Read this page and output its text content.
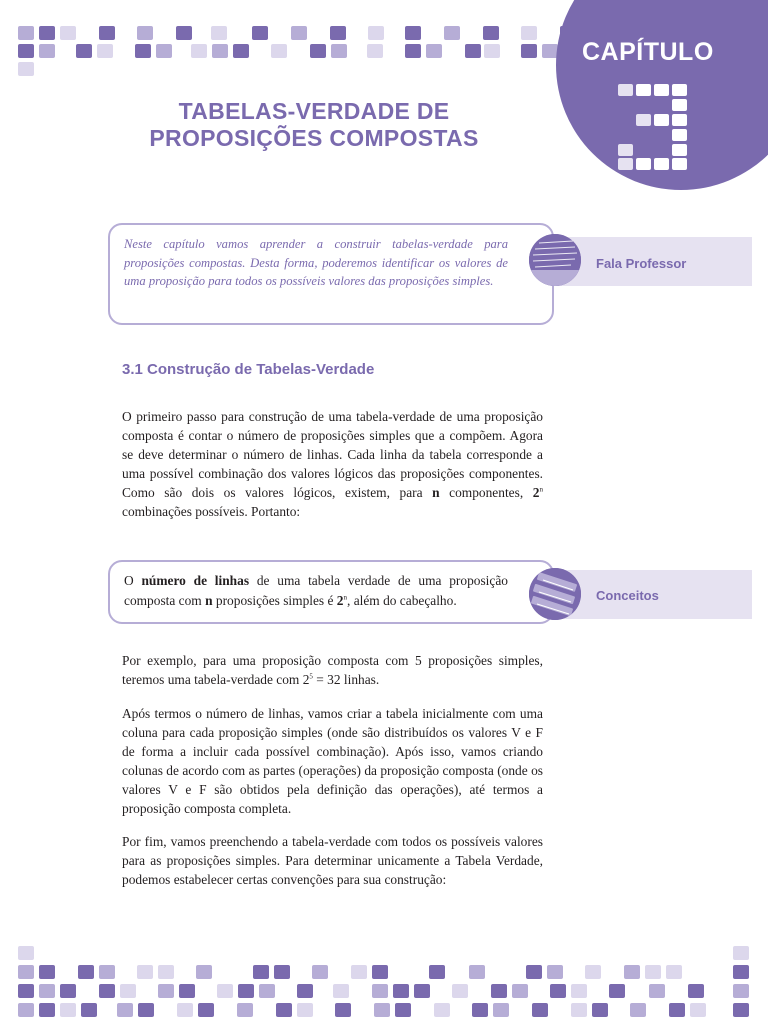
CAPÍTULO
TABELAS-VERDADE DE
PROPOSIÇÕES COMPOSTAS
Fala Professor

Neste capítulo vamos aprender a construir tabelas-verdade para proposições compostas. Desta forma, poderemos identificar os valores de uma proposição para todos os possíveis valores das proposições simples.

3.1 Construção de Tabelas-Verdade

O primeiro passo para construção de uma tabela-verdade de uma proposição composta é contar o número de proposições simples que a compõem. Agora se deve determinar o número de linhas. Cada linha da tabela corresponde a uma possível combinação dos valores lógicos das proposições componentes. Como são dois os valores lógicos, existem, para n componentes, 2$^n$ combinações possíveis. Portanto:

Conceitos

O número de linhas de uma tabela verdade de uma proposição composta com n proposições simples é 2$^n$, além do cabeçalho.

Por exemplo, para uma proposição composta com 5 proposições simples, teremos uma tabela-verdade com $2^5 = 32$ linhas.

Após termos o número de linhas, vamos criar a tabela inicialmente com uma coluna para cada proposição simples (onde são distribuídos os valores V e F de forma a incluir cada possível combinação). Após isso, vamos criando colunas de acordo com as partes (operações) da proposição composta (onde os valores V e F são obtidos pela definição das operações), até termos a proposição composta completa.

Por fim, vamos preenchendo a tabela-verdade com todos os possíveis valores para as proposições simples. Para determinar unicamente a Tabela Verdade, podemos estabelecer certas convenções para sua construção:
